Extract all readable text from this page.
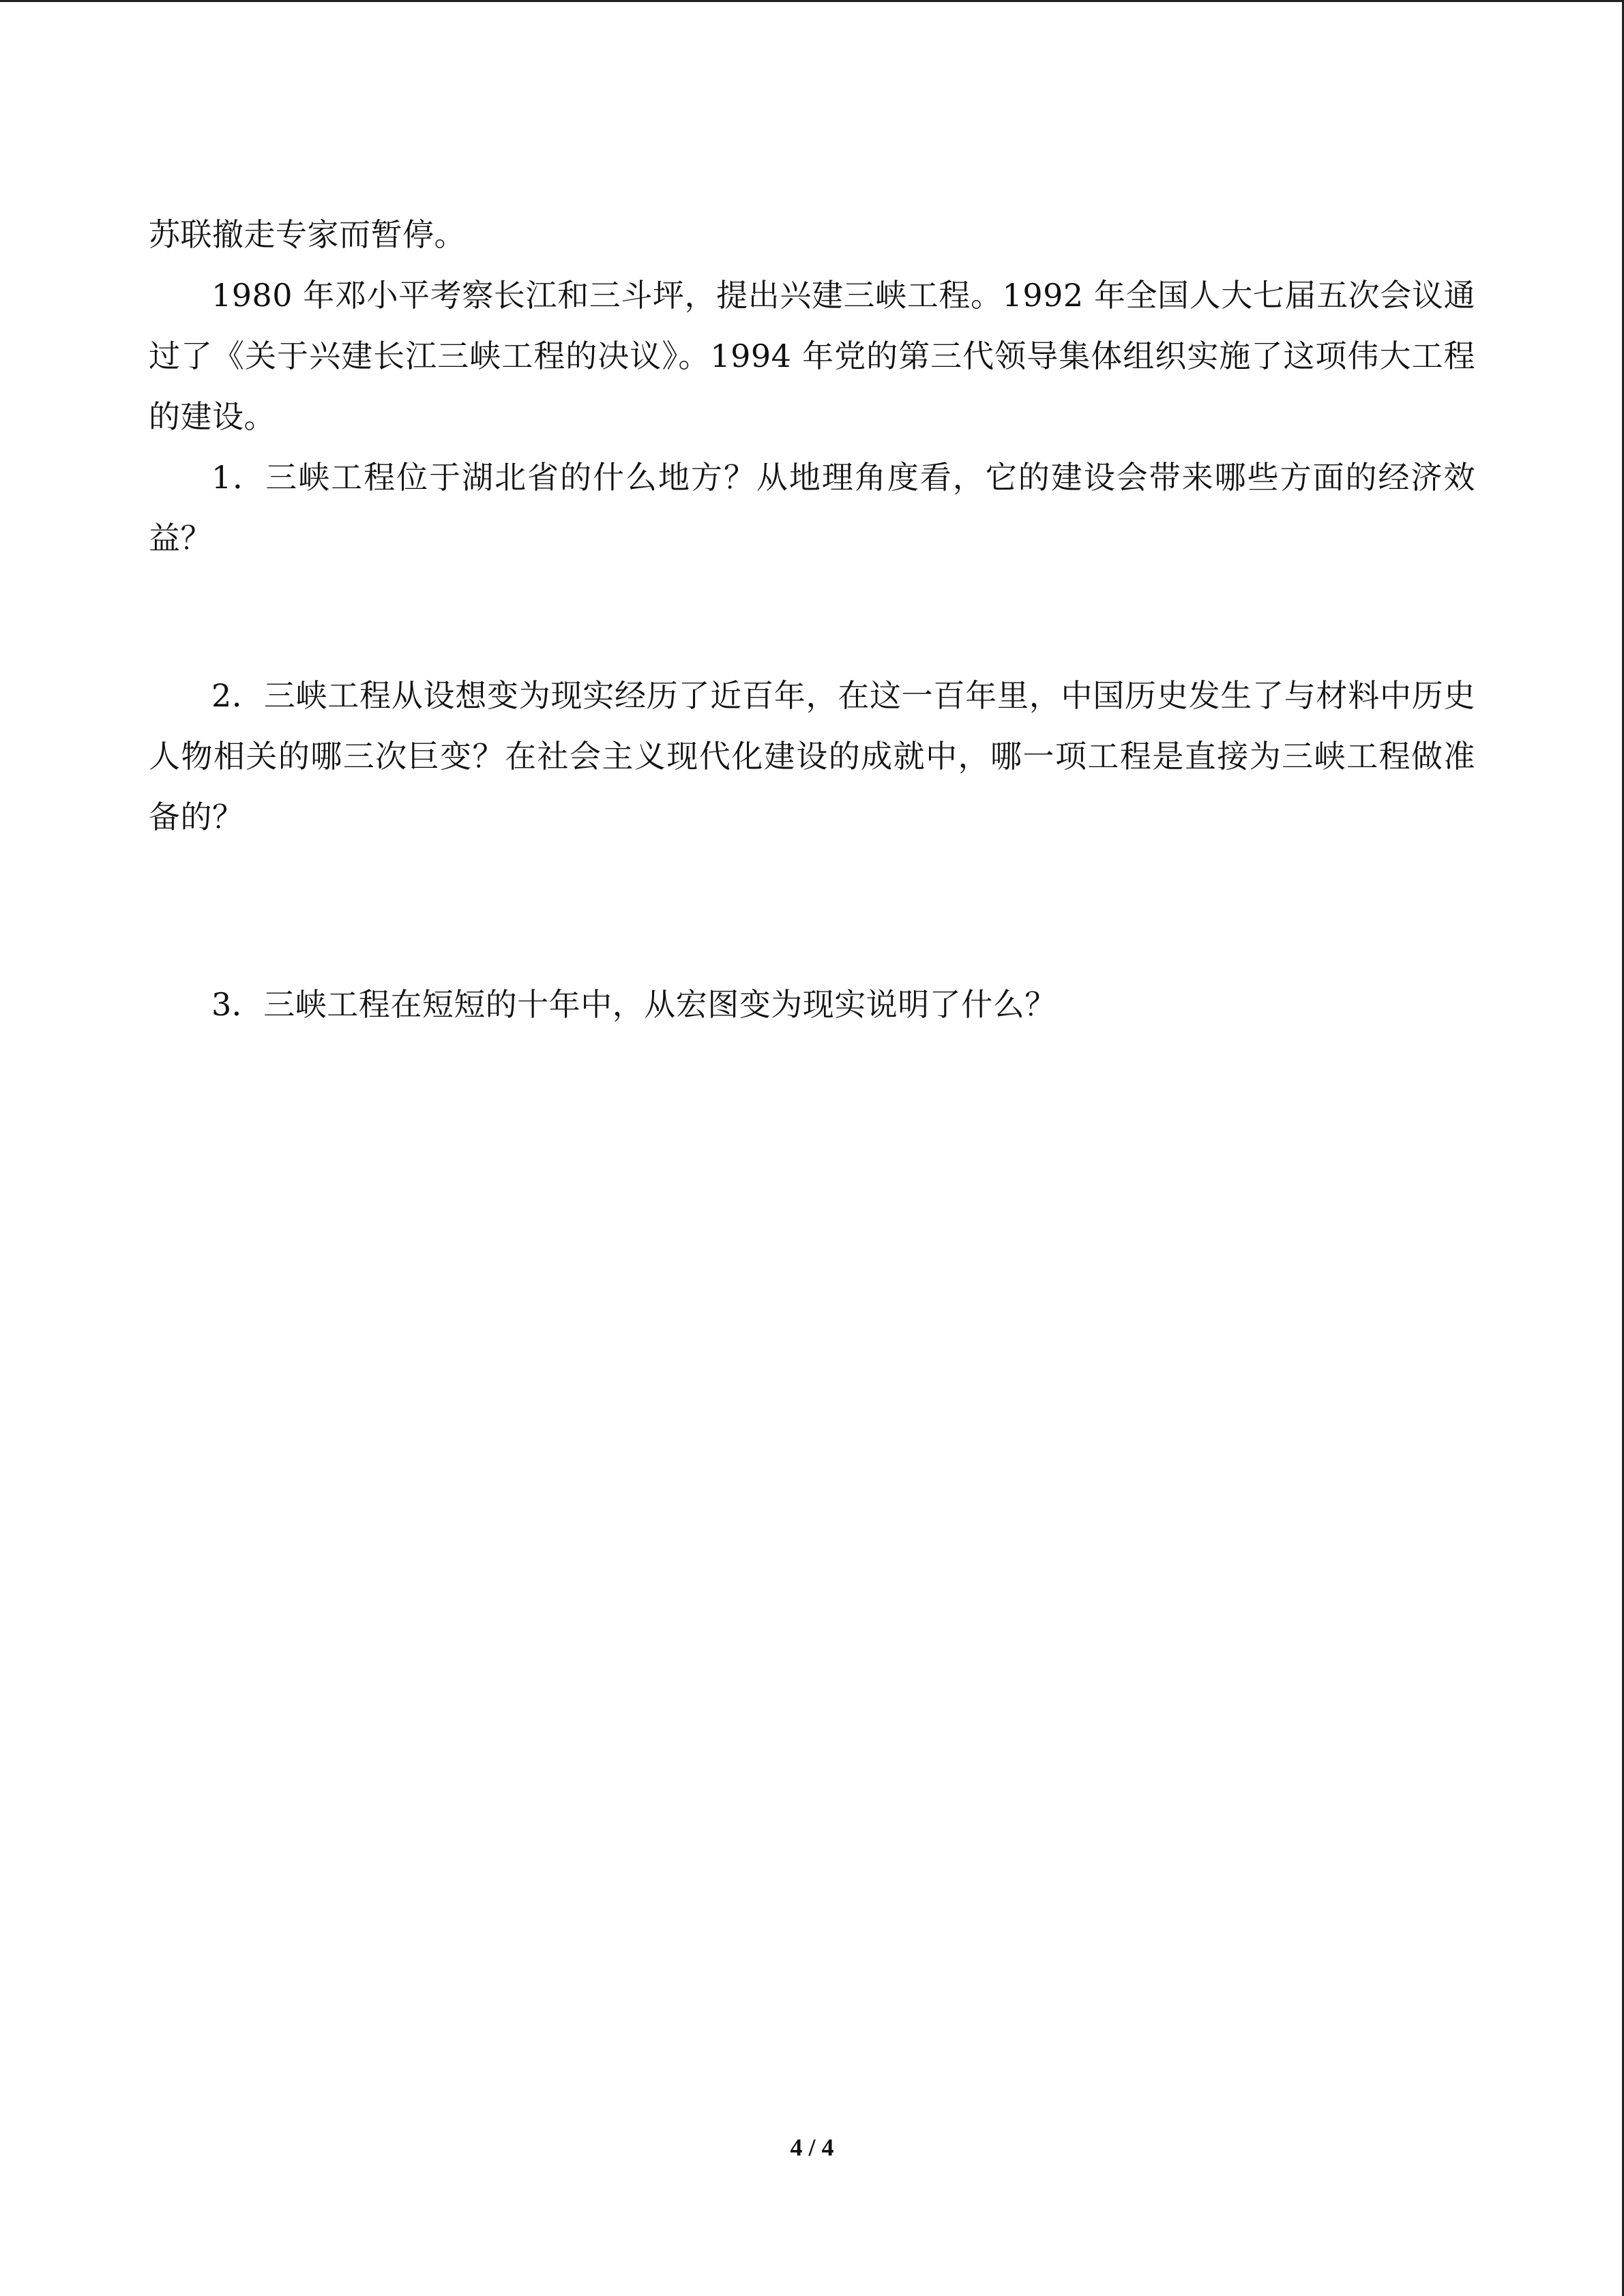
苏联撤走专家而暂停。

1980 年邓小平考察长江和三斗坪，提出兴建三峡工程。1992 年全国人大七届五次会议通过了《关于兴建长江三峡工程的决议》。1994 年党的第三代领导集体组织实施了这项伟大工程的建设。

1．三峡工程位于湖北省的什么地方？从地理角度看，它的建设会带来哪些方面的经济效益？

2．三峡工程从设想变为现实经历了近百年，在这一百年里，中国历史发生了与材料中历史人物相关的哪三次巨变？在社会主义现代化建设的成就中，哪一项工程是直接为三峡工程做准备的？

3．三峡工程在短短的十年中，从宏图变为现实说明了什么？

4 / 4
